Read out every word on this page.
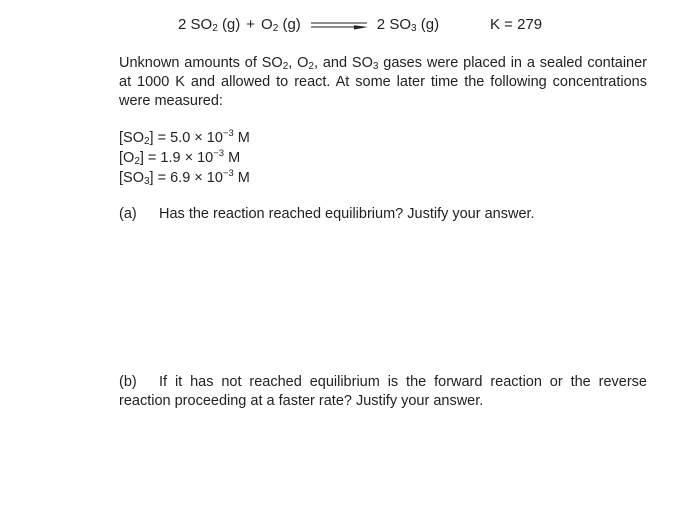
2
$SO_2$
$(g) + O_2$
(g)	2
$SO_3$
(g)	K = 279
Unknown amounts of $SO_2$, $O_2$, and $SO_3$ gases were placed in a sealed container at 1000 K and allowed to react. At some later time the following concentrations were measured:
$[SO_2] = 5.0 \times 10^{-3}$ M
$[O_2] = 1.9 \times 10^{-3}$ M
$[SO_3] = 6.9 \times 10^{-3}$ M
(a) Has the reaction reached equilibrium? Justify your answer.
(b) If it has not reached equilibrium is the forward reaction or the reverse reaction proceeding at a faster rate? Justify your answer.
